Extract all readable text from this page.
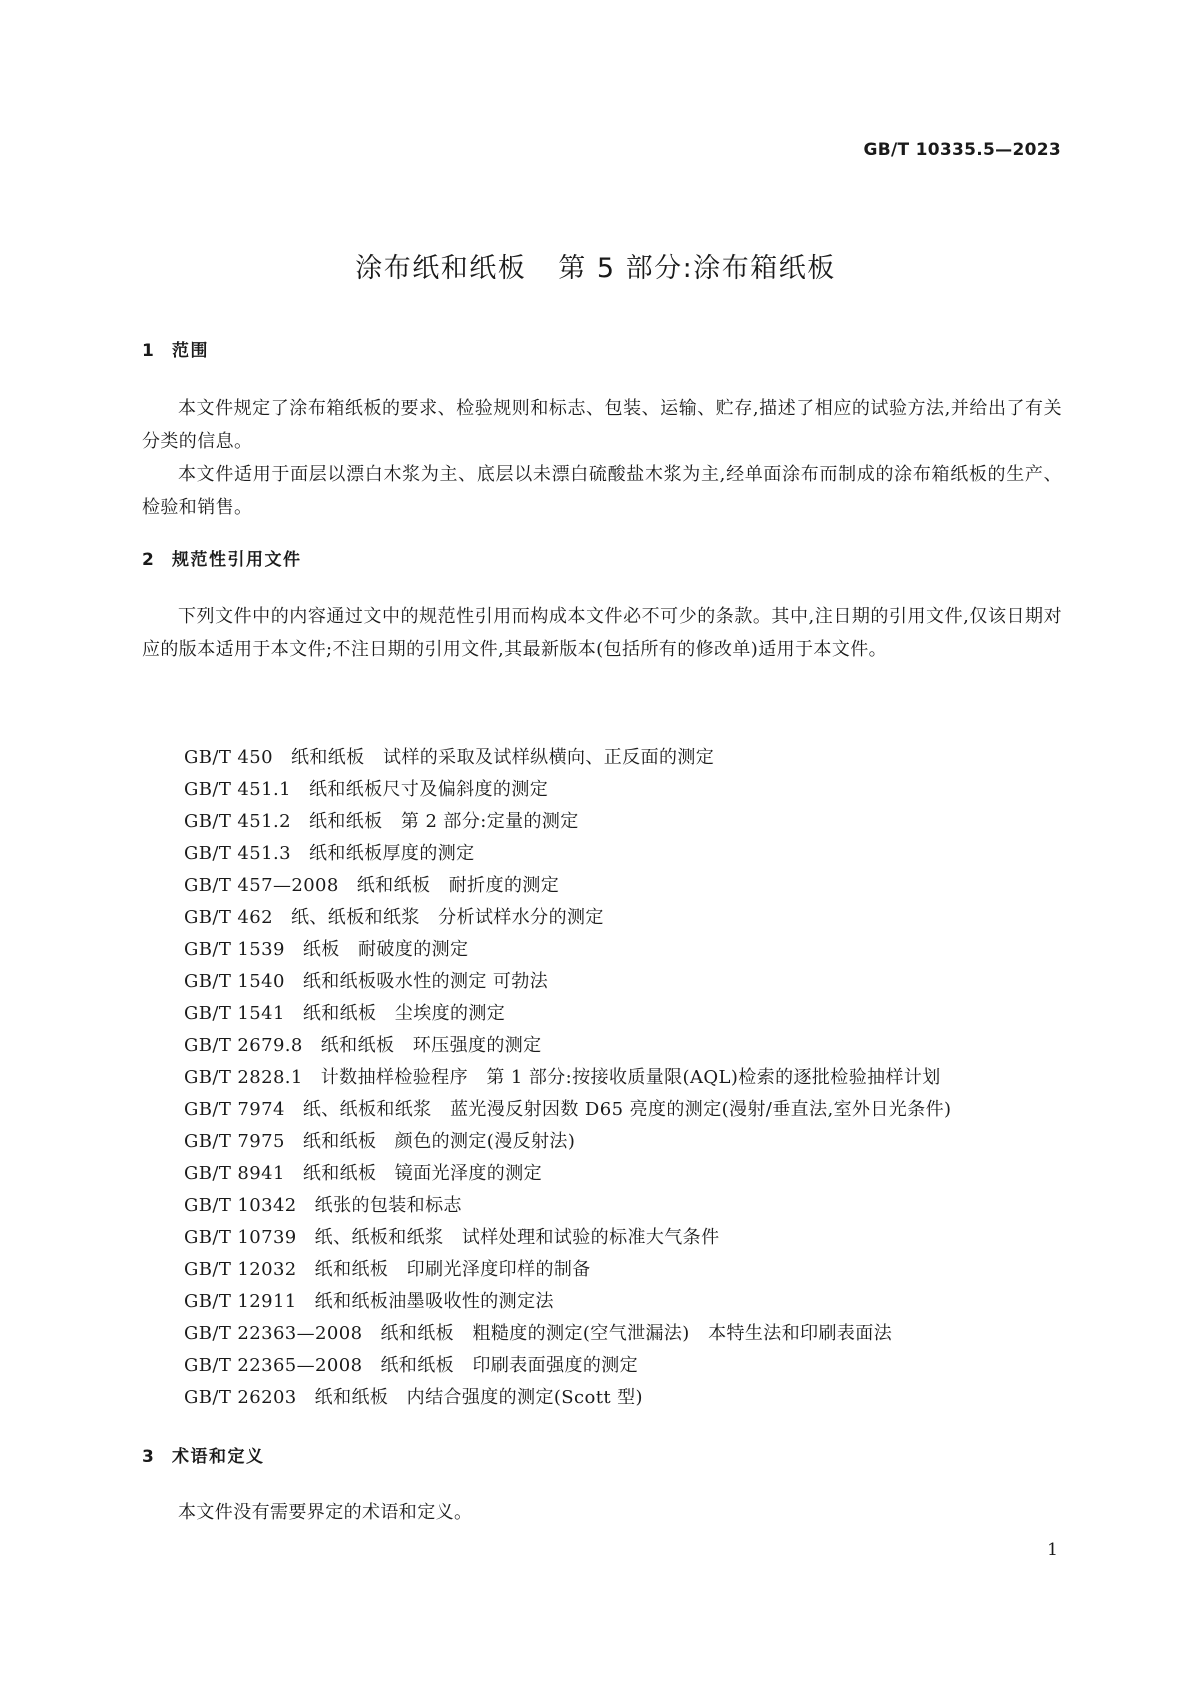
GB/T 10335.5—2023
涂布纸和纸板 第 5 部分:涂布箱纸板
1 范围

本文件规定了涂布箱纸板的要求、检验规则和标志、包装、运输、贮存,描述了相应的试验方法,并给出了有关分类的信息。

本文件适用于面层以漂白木浆为主、底层以未漂白硫酸盐木浆为主,经单面涂布而制成的涂布箱纸板的生产、检验和销售。

2 规范性引用文件

下列文件中的内容通过文中的规范性引用而构成本文件必不可少的条款。其中,注日期的引用文件,仅该日期对应的版本适用于本文件;不注日期的引用文件,其最新版本(包括所有的修改单)适用于本文件。

GB/T 450 纸和纸板　试样的采取及试样纵横向、正反面的测定
GB/T 451.1 纸和纸板尺寸及偏斜度的测定
GB/T 451.2 纸和纸板　第 2 部分:定量的测定
GB/T 451.3 纸和纸板厚度的测定
GB/T 457—2008 纸和纸板　耐折度的测定
GB/T 462 纸、纸板和纸浆　分析试样水分的测定
GB/T 1539 纸板　耐破度的测定
GB/T 1540 纸和纸板吸水性的测定 可勃法
GB/T 1541 纸和纸板　尘埃度的测定
GB/T 2679.8 纸和纸板　环压强度的测定
GB/T 2828.1 计数抽样检验程序　第 1 部分:按接收质量限(AQL)检索的逐批检验抽样计划
GB/T 7974 纸、纸板和纸浆　蓝光漫反射因数 D65 亮度的测定(漫射/垂直法,室外日光条件)
GB/T 7975 纸和纸板　颜色的测定(漫反射法)
GB/T 8941 纸和纸板　镜面光泽度的测定
GB/T 10342 纸张的包装和标志
GB/T 10739 纸、纸板和纸浆　试样处理和试验的标准大气条件
GB/T 12032 纸和纸板　印刷光泽度印样的制备
GB/T 12911 纸和纸板油墨吸收性的测定法
GB/T 22363—2008 纸和纸板　粗糙度的测定(空气泄漏法)　本特生法和印刷表面法
GB/T 22365—2008 纸和纸板　印刷表面强度的测定
GB/T 26203 纸和纸板　内结合强度的测定(Scott 型)
3 术语和定义

本文件没有需要界定的术语和定义。

1
